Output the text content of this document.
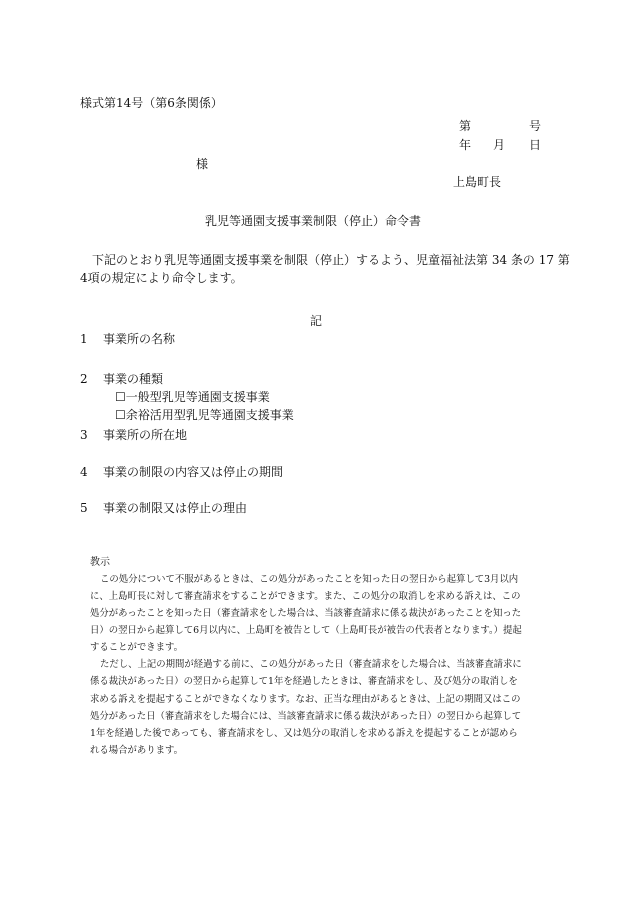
様式第14号（第6条関係）
第	号
年 月 日
様
上島町長
乳児等通園支援事業制限（停止）命令書
下記のとおり乳児等通園支援事業を制限（停止）するよう、児童福祉法第 34 条の 17 第
4項の規定により命令します。
記
1 事業所の名称
2 事業の種類
☐一般型乳児等通園支援事業
☐余裕活用型乳児等通園支援事業
3 事業所の所在地
4 事業の制限の内容又は停止の期間
5 事業の制限又は停止の理由
教示
この処分について不服があるときは、この処分があったことを知った日の翌日から起算して3月以内
に、上島町長に対して審査請求をすることができます。また、この処分の取消しを求める訴えは、この
処分があったことを知った日（審査請求をした場合は、当該審査請求に係る裁決があったことを知った
日）の翌日から起算して6月以内に、上島町を被告として（上島町長が被告の代表者となります。）提起
することができます。
ただし、上記の期間が経過する前に、この処分があった日（審査請求をした場合は、当該審査請求に
係る裁決があった日）の翌日から起算して1年を経過したときは、審査請求をし、及び処分の取消しを
求める訴えを提起することができなくなります。なお、正当な理由があるときは、上記の期間又はこの
処分があった日（審査請求をした場合には、当該審査請求に係る裁決があった日）の翌日から起算して
1年を経過した後であっても、審査請求をし、又は処分の取消しを求める訴えを提起することが認めら
れる場合があります。
